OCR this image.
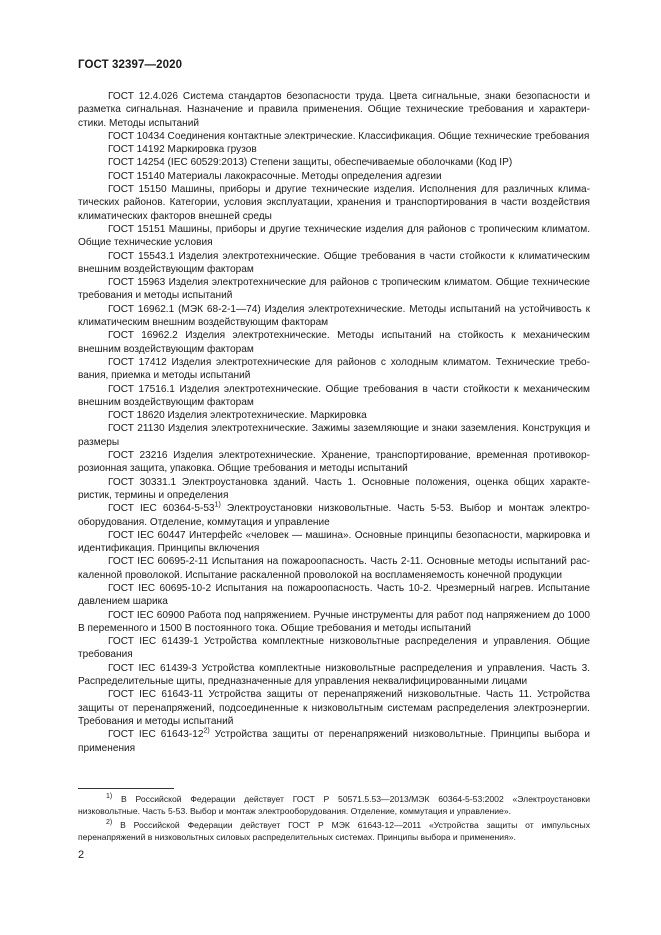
ГОСТ 32397—2020

ГОСТ 12.4.026 Система стандартов безопасности труда. Цвета сигнальные, знаки безопасности и разметка сигнальная. Назначение и правила применения. Общие технические требования и характеристики. Методы испытаний

ГОСТ 10434 Соединения контактные электрические. Классификация. Общие технические требования

ГОСТ 14192 Маркировка грузов

ГОСТ 14254 (IEC 60529:2013) Степени защиты, обеспечиваемые оболочками (Код IP)

ГОСТ 15140 Материалы лакокрасочные. Методы определения адгезии

ГОСТ 15150 Машины, приборы и другие технические изделия. Исполнения для различных климатических районов. Категории, условия эксплуатации, хранения и транспортирования в части воздействия климатических факторов внешней среды

ГОСТ 15151 Машины, приборы и другие технические изделия для районов с тропическим климатом. Общие технические условия

ГОСТ 15543.1 Изделия электротехнические. Общие требования в части стойкости к климатическим внешним воздействующим факторам

ГОСТ 15963 Изделия электротехнические для районов с тропическим климатом. Общие технические требования и методы испытаний

ГОСТ 16962.1 (МЭК 68-2-1—74) Изделия электротехнические. Методы испытаний на устойчивость к климатическим внешним воздействующим факторам

ГОСТ 16962.2 Изделия электротехнические. Методы испытаний на стойкость к механическим внешним воздействующим факторам

ГОСТ 17412 Изделия электротехнические для районов с холодным климатом. Технические требования, приемка и методы испытаний

ГОСТ 17516.1 Изделия электротехнические. Общие требования в части стойкости к механическим внешним воздействующим факторам

ГОСТ 18620 Изделия электротехнические. Маркировка

ГОСТ 21130 Изделия электротехнические. Зажимы заземляющие и знаки заземления. Конструкция и размеры

ГОСТ 23216 Изделия электротехнические. Хранение, транспортирование, временная противокоррозионная защита, упаковка. Общие требования и методы испытаний

ГОСТ 30331.1 Электроустановка зданий. Часть 1. Основные положения, оценка общих характеристик, термины и определения

ГОСТ IEC 60364-5-53$^{1)}$ Электроустановки низковольтные. Часть 5-53. Выбор и монтаж электрооборудования. Отделение, коммутация и управление

ГОСТ IEC 60447 Интерфейс «человек — машина». Основные принципы безопасности, маркировка и идентификация. Принципы включения

ГОСТ IEC 60695-2-11 Испытания на пожароопасность. Часть 2-11. Основные методы испытаний раскаленной проволокой. Испытание раскаленной проволокой на воспламеняемость конечной продукции

ГОСТ IEC 60695-10-2 Испытания на пожароопасность. Часть 10-2. Чрезмерный нагрев. Испытание давлением шарика

ГОСТ IEC 60900 Работа под напряжением. Ручные инструменты для работ под напряжением до 1000 В переменного и 1500 В постоянного тока. Общие требования и методы испытаний

ГОСТ IEC 61439-1 Устройства комплектные низковольтные распределения и управления. Общие требования

ГОСТ IEC 61439-3 Устройства комплектные низковольтные распределения и управления. Часть 3. Распределительные щиты, предназначенные для управления неквалифицированными лицами

ГОСТ IEC 61643-11 Устройства защиты от перенапряжений низковольтные. Часть 11. Устройства защиты от перенапряжений, подсоединенные к низковольтным системам распределения электроэнергии. Требования и методы испытаний

ГОСТ IEC 61643-12$^{2)}$ Устройства защиты от перенапряжений низковольтные. Принципы выбора и применения

$^{1)}$ В Российской Федерации действует ГОСТ Р 50571.5.53—2013/МЭК 60364-5-53:2002 «Электроустановки низковольтные. Часть 5-53. Выбор и монтаж электрооборудования. Отделение, коммутация и управление».

$^{2)}$ В Российской Федерации действует ГОСТ Р МЭК 61643-12—2011 «Устройства защиты от импульсных перенапряжений в низковольтных силовых распределительных системах. Принципы выбора и применения».

2
